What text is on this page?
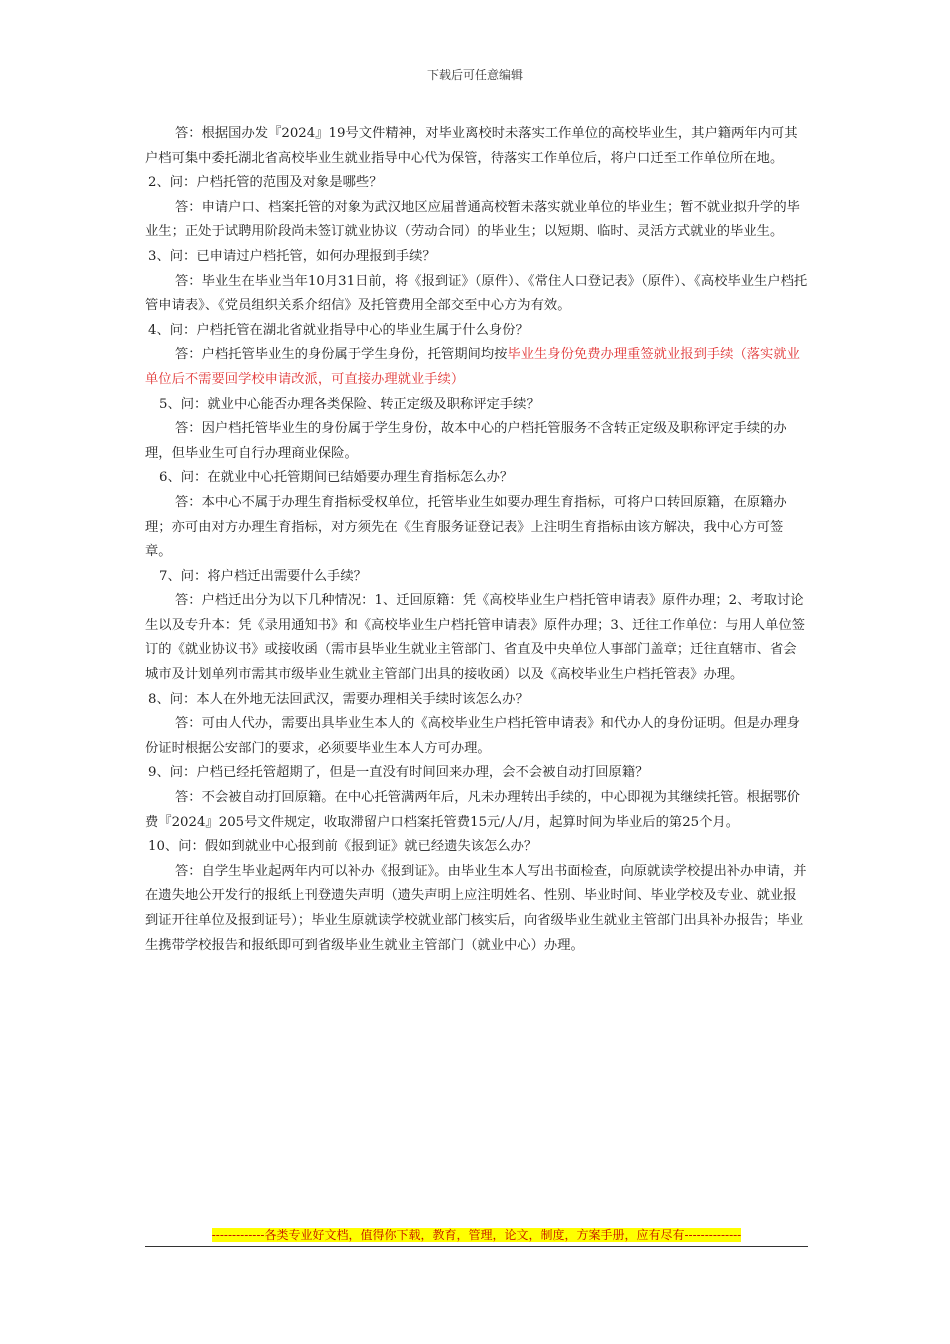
下载后可任意编辑

答：根据国办发『2024』19号文件精神，对毕业离校时未落实工作单位的高校毕业生，其户籍两年内可其户档可集中委托湖北省高校毕业生就业指导中心代为保管，待落实工作单位后，将户口迁至工作单位所在地。

2、问：户档托管的范围及对象是哪些？

答：申请户口、档案托管的对象为武汉地区应届普通高校暂未落实就业单位的毕业生；暂不就业拟升学的毕业生；正处于试聘用阶段尚未签订就业协议（劳动合同）的毕业生；以短期、临时、灵活方式就业的毕业生。

3、问：已申请过户档托管，如何办理报到手续？

答：毕业生在毕业当年10月31日前，将《报到证》（原件）、《常住人口登记表》（原件）、《高校毕业生户档托管申请表》、《党员组织关系介绍信》及托管费用全部交至中心方为有效。

4、问：户档托管在湖北省就业指导中心的毕业生属于什么身份？

答：户档托管毕业生的身份属于学生身份，托管期间均按毕业生身份免费办理重签就业报到手续（落实就业单位后不需要回学校申请改派，可直接办理就业手续）

5、问：就业中心能否办理各类保险、转正定级及职称评定手续？

答：因户档托管毕业生的身份属于学生身份，故本中心的户档托管服务不含转正定级及职称评定手续的办理，但毕业生可自行办理商业保险。

6、问：在就业中心托管期间已结婚要办理生育指标怎么办？

答：本中心不属于办理生育指标受权单位，托管毕业生如要办理生育指标，可将户口转回原籍，在原籍办理；亦可由对方办理生育指标，对方须先在《生育服务证登记表》上注明生育指标由该方解决，我中心方可签章。

7、问：将户档迁出需要什么手续？

答：户档迁出分为以下几种情况：1、迁回原籍：凭《高校毕业生户档托管申请表》原件办理；2、考取讨论生以及专升本：凭《录用通知书》和《高校毕业生户档托管申请表》原件办理；3、迁往工作单位：与用人单位签订的《就业协议书》或接收函（需市县毕业生就业主管部门、省直及中央单位人事部门盖章；迁往直辖市、省会城市及计划单列市需其市级毕业生就业主管部门出具的接收函）以及《高校毕业生户档托管表》办理。

8、问：本人在外地无法回武汉，需要办理相关手续时该怎么办？

答：可由人代办，需要出具毕业生本人的《高校毕业生户档托管申请表》和代办人的身份证明。但是办理身份证时根据公安部门的要求，必须要毕业生本人方可办理。

9、问：户档已经托管超期了，但是一直没有时间回来办理，会不会被自动打回原籍？

答：不会被自动打回原籍。在中心托管满两年后，凡未办理转出手续的，中心即视为其继续托管。根据鄂价费『2024』205号文件规定，收取滞留户口档案托管费15元/人/月，起算时间为毕业后的第25个月。

10、问：假如到就业中心报到前《报到证》就已经遗失该怎么办？

答：自学生毕业起两年内可以补办《报到证》。由毕业生本人写出书面检查，向原就读学校提出补办申请，并在遗失地公开发行的报纸上刊登遗失声明（遗失声明上应注明姓名、性别、毕业时间、毕业学校及专业、就业报到证开往单位及报到证号）；毕业生原就读学校就业部门核实后，向省级毕业生就业主管部门出具补办报告；毕业生携带学校报告和报纸即可到省级毕业生就业主管部门（就业中心）办理。

-------------各类专业好文档，值得你下载，教育，管理，论文，制度，方案手册，应有尽有--------------
